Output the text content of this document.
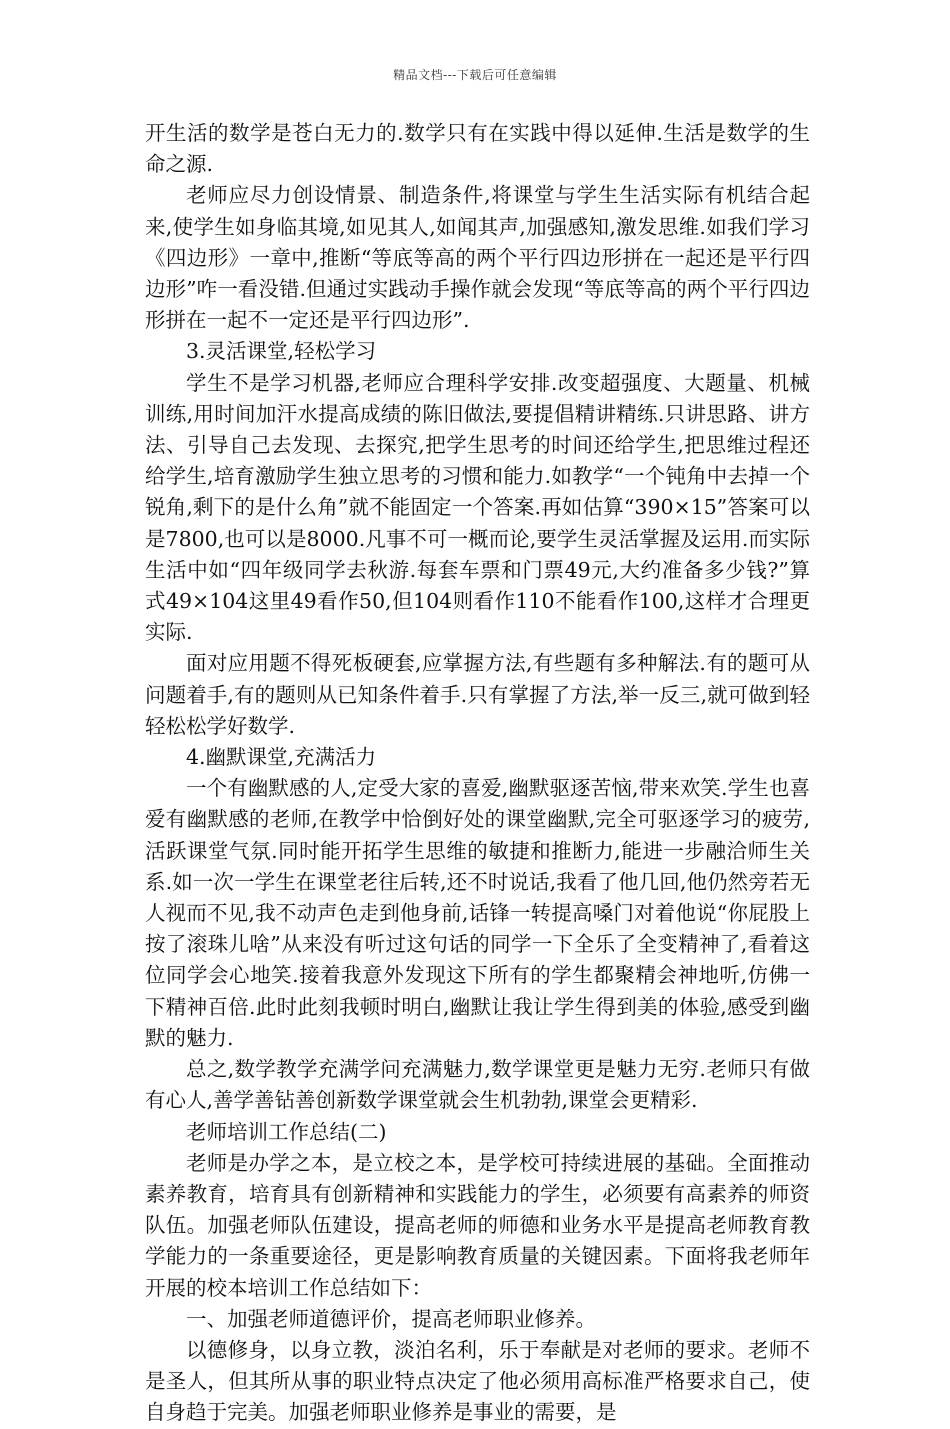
精品文档---下载后可任意编辑

开生活的数学是苍白无力的.数学只有在实践中得以延伸.生活是数学的生命之源.

老师应尽力创设情景、制造条件,将课堂与学生生活实际有机结合起来,使学生如身临其境,如见其人,如闻其声,加强感知,激发思维.如我们学习《四边形》一章中,推断“等底等高的两个平行四边形拼在一起还是平行四边形”咋一看没错.但通过实践动手操作就会发现“等底等高的两个平行四边形拼在一起不一定还是平行四边形”.

3.灵活课堂,轻松学习

学生不是学习机器,老师应合理科学安排.改变超强度、大题量、机械训练,用时间加汗水提高成绩的陈旧做法,要提倡精讲精练.只讲思路、讲方法、引导自己去发现、去探究,把学生思考的时间还给学生,把思维过程还给学生,培育激励学生独立思考的习惯和能力.如教学“一个钝角中去掉一个锐角,剩下的是什么角”就不能固定一个答案.再如估算“390×15”答案可以是7800,也可以是8000.凡事不可一概而论,要学生灵活掌握及运用.而实际生活中如“四年级同学去秋游.每套车票和门票49元,大约准备多少钱?”算式49×104这里49看作50,但104则看作110不能看作100,这样才合理更实际.

面对应用题不得死板硬套,应掌握方法,有些题有多种解法.有的题可从问题着手,有的题则从已知条件着手.只有掌握了方法,举一反三,就可做到轻轻松松学好数学.

4.幽默课堂,充满活力

一个有幽默感的人,定受大家的喜爱,幽默驱逐苦恼,带来欢笑.学生也喜爱有幽默感的老师,在教学中恰倒好处的课堂幽默,完全可驱逐学习的疲劳,活跃课堂气氛.同时能开拓学生思维的敏捷和推断力,能进一步融洽师生关系.如一次一学生在课堂老往后转,还不时说话,我看了他几回,他仍然旁若无人视而不见,我不动声色走到他身前,话锋一转提高嗓门对着他说“你屁股上按了滚珠儿啥”从来没有听过这句话的同学一下全乐了全变精神了,看着这位同学会心地笑.接着我意外发现这下所有的学生都聚精会神地听,仿佛一下精神百倍.此时此刻我顿时明白,幽默让我让学生得到美的体验,感受到幽默的魅力.

总之,数学教学充满学问充满魅力,数学课堂更是魅力无穷.老师只有做有心人,善学善钻善创新数学课堂就会生机勃勃,课堂会更精彩.

老师培训工作总结(二)

老师是办学之本，是立校之本，是学校可持续进展的基础。全面推动素养教育，培育具有创新精神和实践能力的学生，必须要有高素养的师资队伍。加强老师队伍建设，提高老师的师德和业务水平是提高老师教育教学能力的一条重要途径，更是影响教育质量的关键因素。下面将我老师年开展的校本培训工作总结如下：

一、加强老师道德评价，提高老师职业修养。

以德修身，以身立教，淡泊名利，乐于奉献是对老师的要求。老师不是圣人，但其所从事的职业特点决定了他必须用高标准严格要求自己，使自身趋于完美。加强老师职业修养是事业的需要，是
